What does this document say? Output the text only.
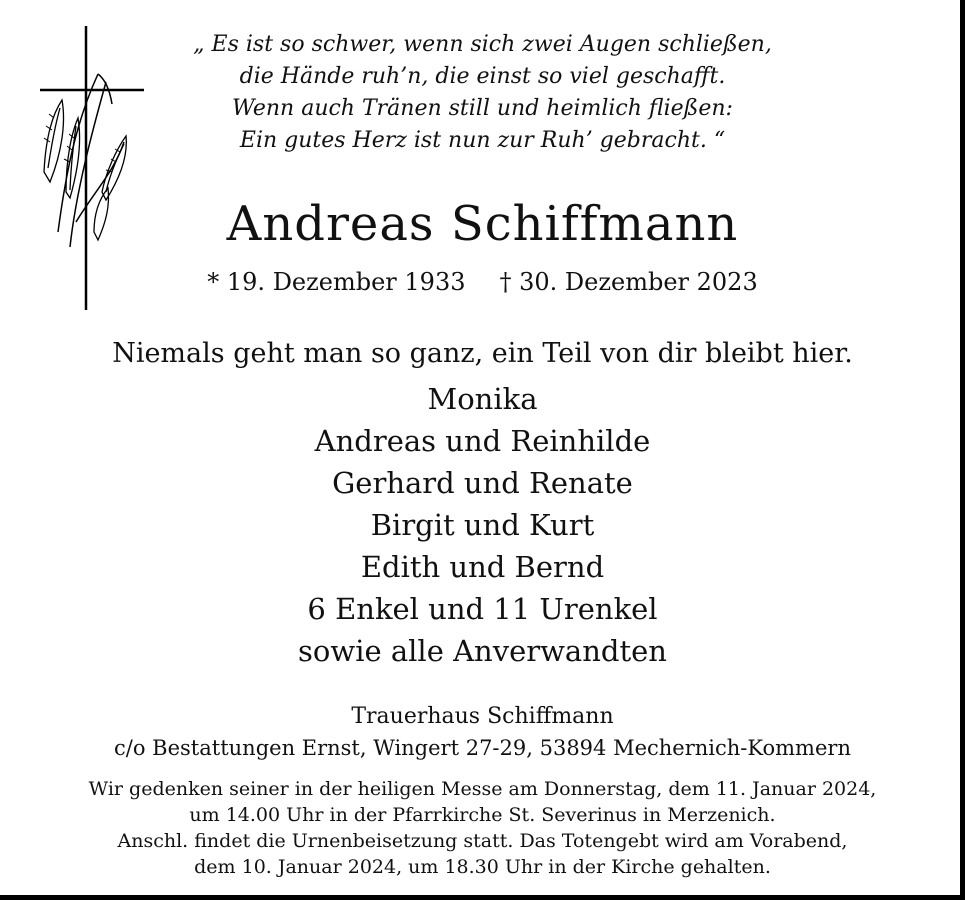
„ Es ist so schwer, wenn sich zwei Augen schließen,
die Hände ruh’n, die einst so viel geschafft.
Wenn auch Tränen still und heimlich fließen:
Ein gutes Herz ist nun zur Ruh’ gebracht. “
Andreas Schiffmann
* 19. Dezember 1933 † 30. Dezember 2023
Niemals geht man so ganz, ein Teil von dir bleibt hier.
Monika
Andreas und Reinhilde
Gerhard und Renate
Birgit und Kurt
Edith und Bernd
6 Enkel und 11 Urenkel
sowie alle Anverwandten
Trauerhaus Schiffmann
c/o Bestattungen Ernst, Wingert 27-29, 53894 Mechernich-Kommern
Wir gedenken seiner in der heiligen Messe am Donnerstag, dem 11. Januar 2024,
um 14.00 Uhr in der Pfarrkirche St. Severinus in Merzenich.
Anschl. findet die Urnenbeisetzung statt. Das Totengebt wird am Vorabend,
dem 10. Januar 2024, um 18.30 Uhr in der Kirche gehalten.
